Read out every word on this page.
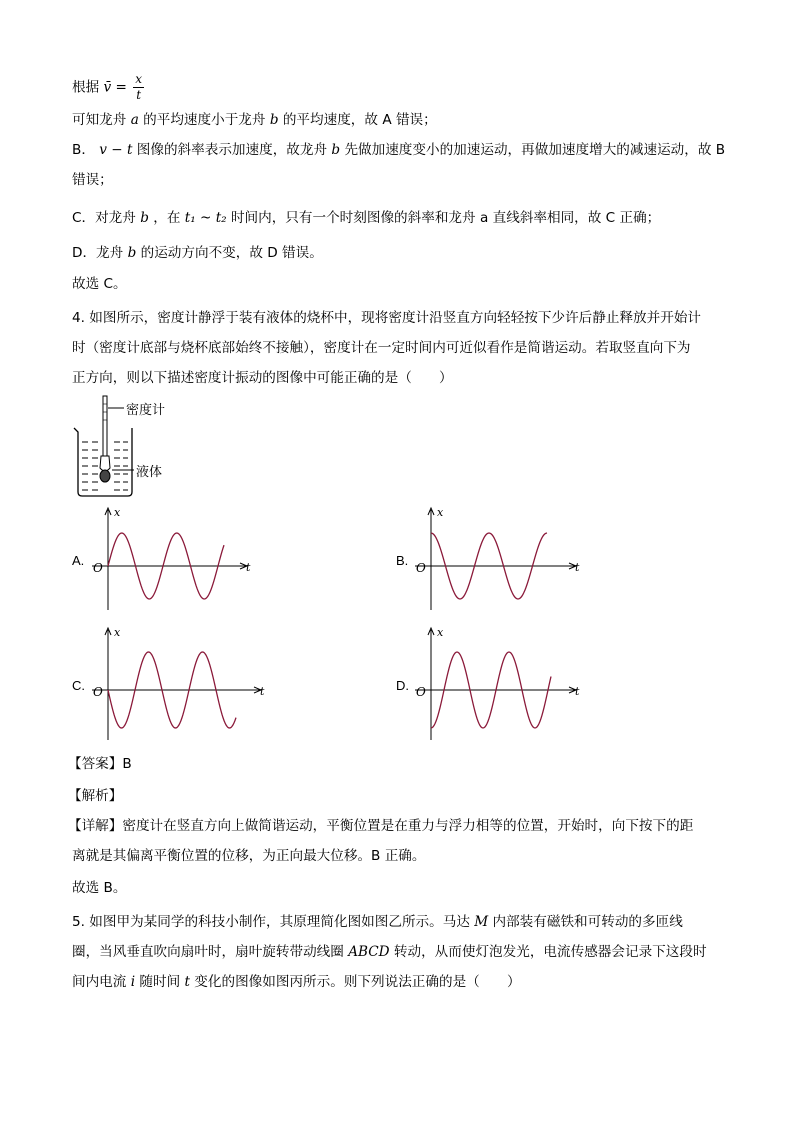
根据 v̄ = $\frac{x}{t}$
可知龙舟 a 的平均速度小于龙舟 b 的平均速度，故 A 错误；
B． v − t 图像的斜率表示加速度，故龙舟 b 先做加速度变小的加速运动，再做加速度增大的减速运动，故 B
错误；
C．对龙舟 b ，在 t₁ ~ t₂ 时间内，只有一个时刻图像的斜率和龙舟 a 直线斜率相同，故 C 正确；
D．龙舟 b 的运动方向不变，故 D 错误。
故选 C。
4. 如图所示，密度计静浮于装有液体的烧杯中，现将密度计沿竖直方向轻轻按下少许后静止释放并开始计
时（密度计底部与烧杯底部始终不接触），密度计在一定时间内可近似看作是简谐运动。若取竖直向下为
正方向，则以下描述密度计振动的图像中可能正确的是（　　）
密度计
液体
A.
x
t
O	B.
x
t
O
C.
x
t
O	D.
x
t
O
【答案】B
【解析】
【详解】密度计在竖直方向上做简谐运动，平衡位置是在重力与浮力相等的位置，开始时，向下按下的距
离就是其偏离平衡位置的位移，为正向最大位移。B 正确。
故选 B。
5. 如图甲为某同学的科技小制作，其原理简化图如图乙所示。马达 M 内部装有磁铁和可转动的多匝线
圈，当风垂直吹向扇叶时，扇叶旋转带动线圈 ABCD 转动，从而使灯泡发光，电流传感器会记录下这段时
间内电流 i 随时间 t 变化的图像如图丙所示。则下列说法正确的是（　　）
